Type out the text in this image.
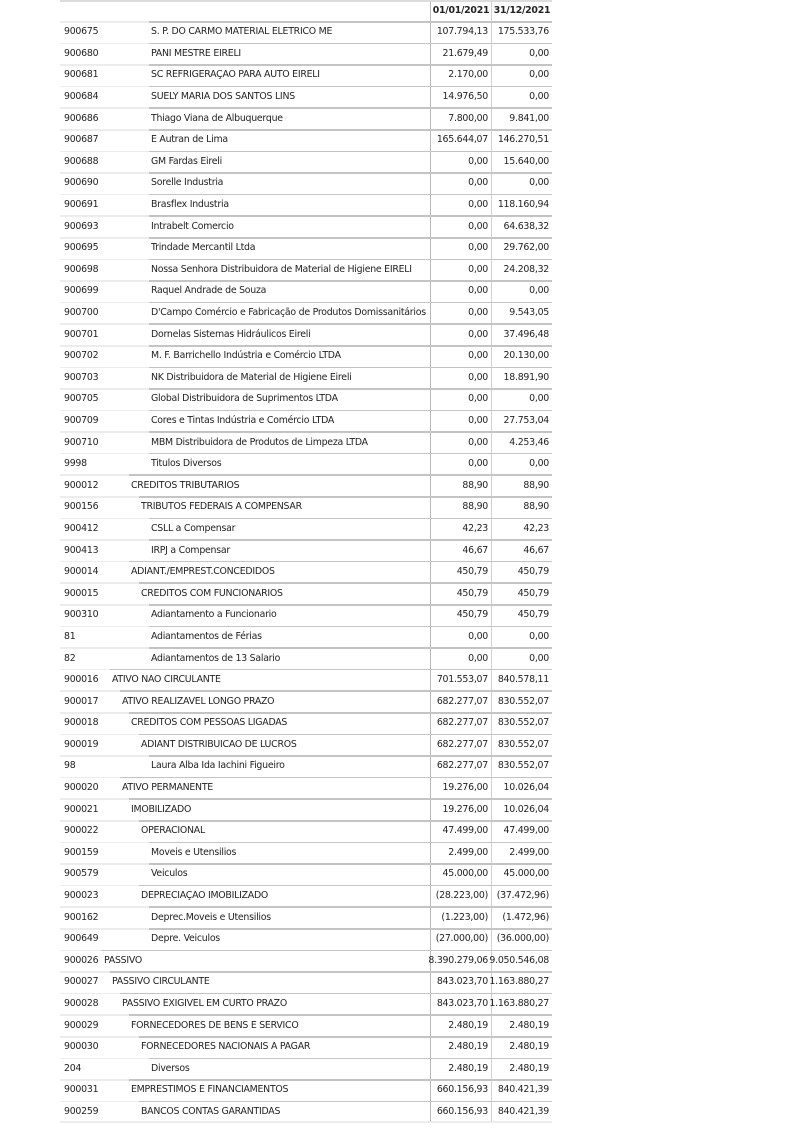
01/01/2021 31/12/2021
900675	S. P. DO CARMO MATERIAL ELETRICO ME	107.794,13	175.533,76
900680	PANI MESTRE EIRELI	21.679,49	0,00
900681	SC REFRIGERAÇÃO PARA AUTO EIRELI	2.170,00	0,00
900684	SUELY MARIA DOS SANTOS LINS	14.976,50	0,00
900686	Thiago Viana de Albuquerque	7.800,00	9.841,00
900687	E Autran de Lima	165.644,07	146.270,51
900688	GM Fardas Eireli	0,00	15.640,00
900690	Sorelle Industria	0,00	0,00
900691	Brasflex Industria	0,00	118.160,94
900693	Intrabelt Comercio	0,00	64.638,32
900695	Trindade Mercantil Ltda	0,00	29.762,00
900698	Nossa Senhora Distribuidora de Material de Higiene EIRELI	0,00	24.208,32
900699	Raquel Andrade de Souza	0,00	0,00
900700	D'Campo Comércio e Fabricação de Produtos Domissanitários	0,00	9.543,05
900701	Dornelas Sistemas Hidráulicos Eireli	0,00	37.496,48
900702	M. F. Barrichello Indústria e Comércio LTDA	0,00	20.130,00
900703	NK Distribuidora de Material de Higiene Eireli	0,00	18.891,90
900705	Global Distribuidora de Suprimentos LTDA	0,00	0,00
900709	Cores e Tintas Indústria e Comércio LTDA	0,00	27.753,04
900710	MBM Distribuidora de Produtos de Limpeza LTDA	0,00	4.253,46
9998	Titulos Diversos	0,00	0,00
900012	CREDITOS TRIBUTARIOS	88,90	88,90
900156	TRIBUTOS FEDERAIS A COMPENSAR	88,90	88,90
900412	CSLL a Compensar	42,23	42,23
900413	IRPJ a Compensar	46,67	46,67
900014	ADIANT./EMPREST.CONCEDIDOS	450,79	450,79
900015	CREDITOS COM FUNCIONARIOS	450,79	450,79
900310	Adiantamento a Funcionario	450,79	450,79
81	Adiantamentos de Férias	0,00	0,00
82	Adiantamentos de 13 Salario	0,00	0,00
900016	ATIVO NÃO CIRCULANTE	701.553,07	840.578,11
900017	ATIVO REALIZAVEL LONGO PRAZO	682.277,07	830.552,07
900018	CREDITOS COM PESSOAS LIGADAS	682.277,07	830.552,07
900019	ADIANT DISTRIBUICAO DE LUCROS	682.277,07	830.552,07
98	Laura Alba Ida Iachini Figueiro	682.277,07	830.552,07
900020	ATIVO PERMANENTE	19.276,00	10.026,04
900021	IMOBILIZADO	19.276,00	10.026,04
900022	OPERACIONAL	47.499,00	47.499,00
900159	Moveis e Utensilios	2.499,00	2.499,00
900579	Veiculos	45.000,00	45.000,00
900023	DEPRECIAÇÃO IMOBILIZADO	(28.223,00) (37.472,96)
900162	Deprec.Moveis e Utensilios	(1.223,00)	(1.472,96)
900649	Depre. Veiculos	(27.000,00) (36.000,00)
900026 PASSIVO	8.390.279,06 9.050.546,08
900027	PASSIVO CIRCULANTE	843.023,70 1.163.880,27
900028	PASSIVO EXIGÍVEL EM CURTO PRAZO	843.023,70 1.163.880,27
900029	FORNECEDORES DE BENS E SERVICO	2.480,19	2.480,19
900030	FORNECEDORES NACIONAIS A PAGAR	2.480,19	2.480,19
204	Diversos	2.480,19	2.480,19
900031	EMPRÉSTIMOS E FINANCIAMENTOS	660.156,93	840.421,39
900259	BANCOS CONTAS GARANTIDAS	660.156,93	840.421,39
